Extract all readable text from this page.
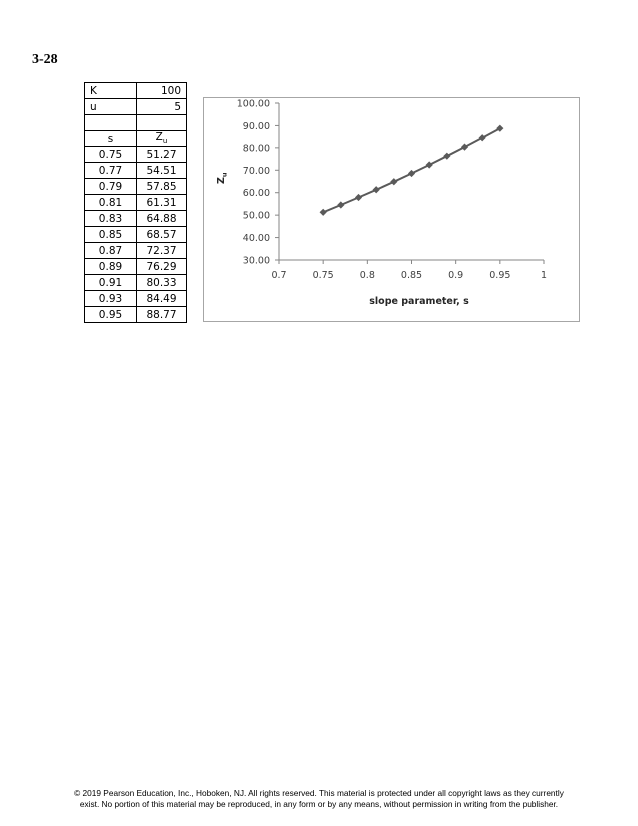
3-28
K	100
u	5

s	$Z_u$
0.75	51.27
0.77	54.51
0.79	57.85
0.81	61.31
0.83	64.88
0.85	68.57
0.87	72.37
0.89	76.29
0.91	80.33
0.93	84.49
0.95	88.77
30.00
40.00
50.00
60.00
70.00
80.00
90.00
100.00
0.7	0.75	0.8	0.85	0.9	0.95	1
slope parameter, s
$Z_u$
© 2019 Pearson Education, Inc., Hoboken, NJ. All rights reserved. This material is protected under all copyright laws as they currently
exist. No portion of this material may be reproduced, in any form or by any means, without permission in writing from the publisher.
